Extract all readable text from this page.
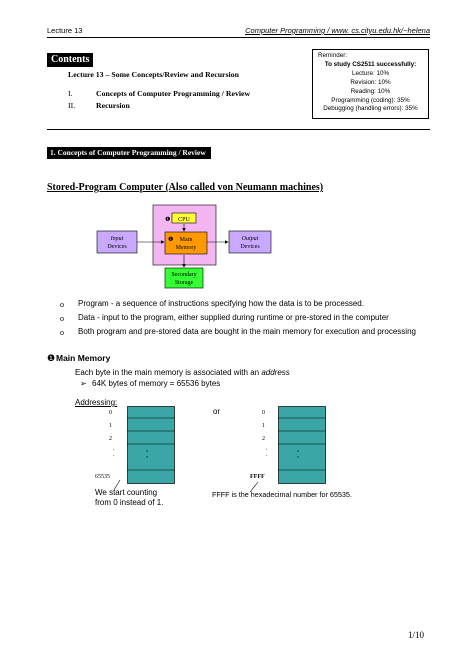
Lecture 13	Computer Programming / www. cs.cityu.edu.hk/~helena
Contents
Lecture 13 – Some Concepts/Review and Recursion
I.	Concepts of Computer Programming / Review
II.	Recursion
Reminder:
To study CS2511 successfully:
Lecture: 10%
Revision: 10%
Reading: 10%
Programming (coding): 35%
Debugging (handling errors): 35%
1. Concepts of Computer Programming / Review
Stored-Program Computer (Also called von Neumann machines)
❶ CPU
❶ Main
Memory
Input
Devices
Output
Devices
Secondary
Storage
o Program - a sequence of instructions specifying how the data is to be processed.
o Data - input to the program, either supplied during runtime or pre-stored in the computer
o Both program and pre-stored data are bought in the main memory for execution and processing
❶ Main Memory
Each byte in the main memory is associated with an address
➢ 64K bytes of memory = 65536 bytes
Addressing:
or
0
1
2
.
.
65535
0
1
2
.
.
FFFF
We start counting
from 0 instead of 1.
FFFF is the hexadecimal number for 65535.
1/10
